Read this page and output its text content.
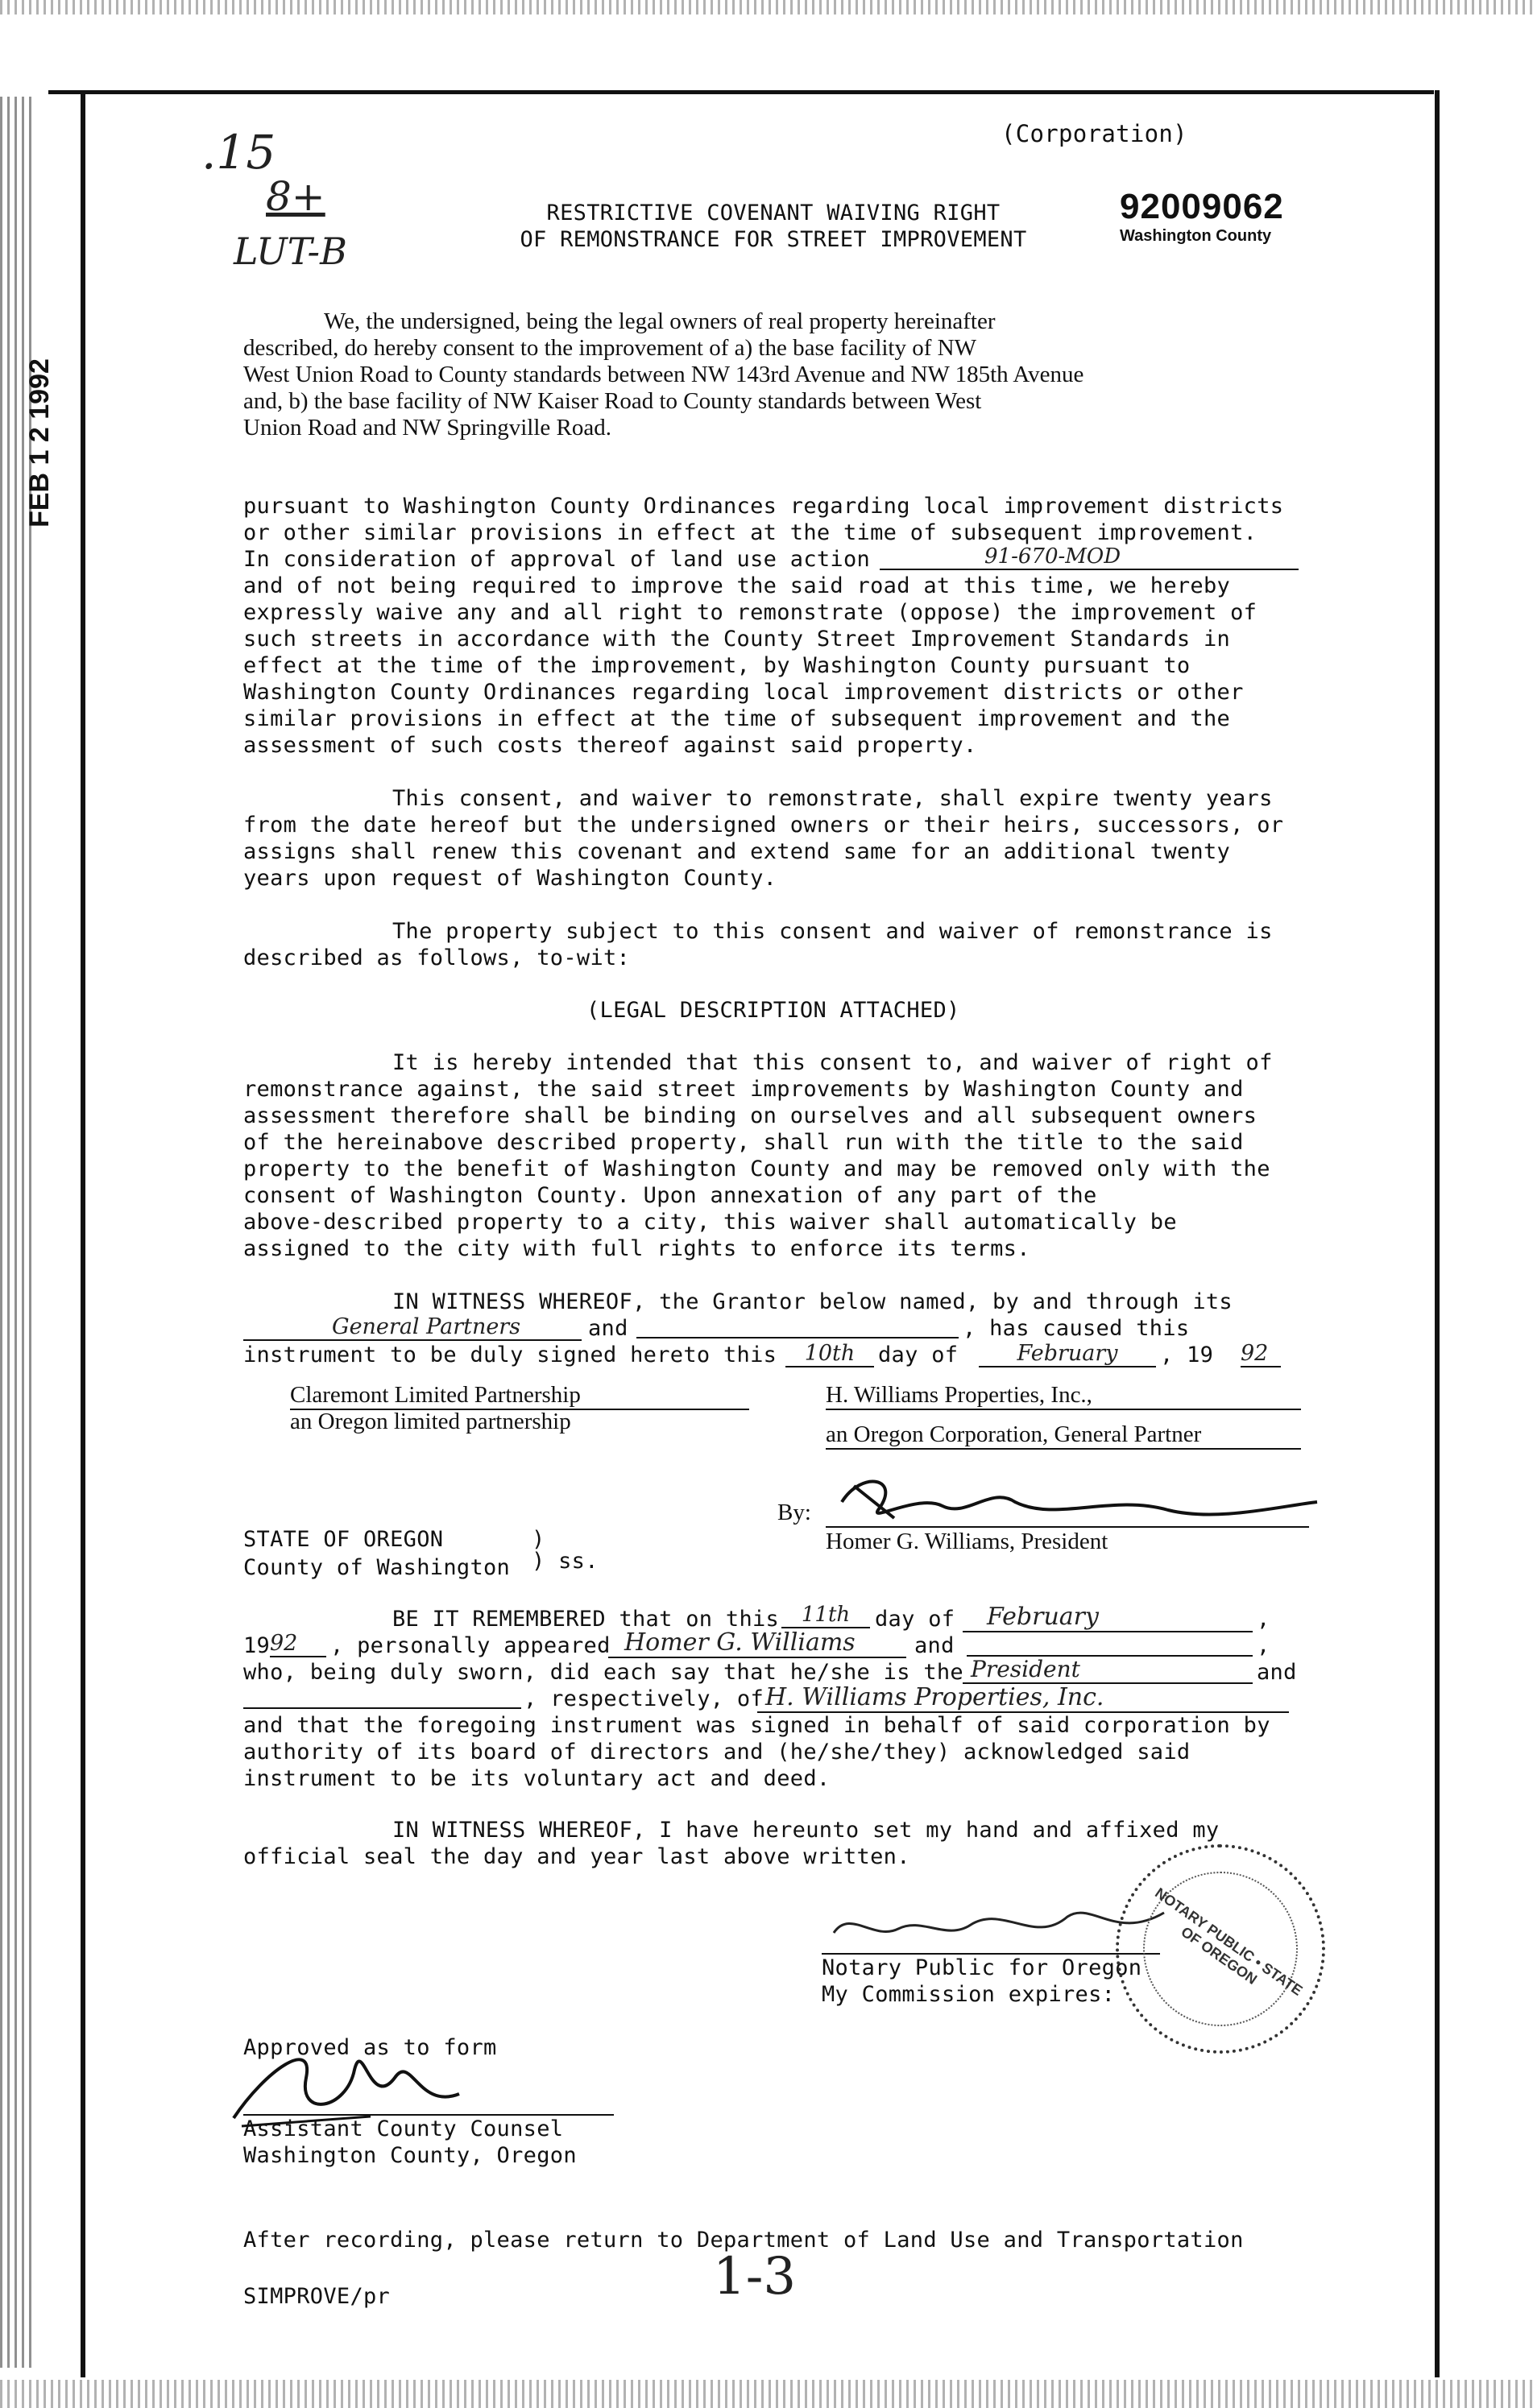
FEB 1 2 1992
.15
8+
LUT-B
(Corporation)
RESTRICTIVE COVENANT WAIVING RIGHT
OF REMONSTRANCE FOR STREET IMPROVEMENT
92009062
Washington County
We, the undersigned, being the legal owners of real property hereinafter
described, do hereby consent to the improvement of a) the base facility of NW
West Union Road to County standards between NW 143rd Avenue and NW 185th Avenue
and, b) the base facility of NW Kaiser Road to County standards between West
Union Road and NW Springville Road.
pursuant to Washington County Ordinances regarding local improvement districts
or other similar provisions in effect at the time of subsequent improvement.
In consideration of approval of land use action	91-670-MOD
and of not being required to improve the said road at this time, we hereby
expressly waive any and all right to remonstrate (oppose) the improvement of
such streets in accordance with the County Street Improvement Standards in
effect at the time of the improvement, by Washington County pursuant to
Washington County Ordinances regarding local improvement districts or other
similar provisions in effect at the time of subsequent improvement and the
assessment of such costs thereof against said property.
This consent, and waiver to remonstrate, shall expire twenty years
from the date hereof but the undersigned owners or their heirs, successors, or
assigns shall renew this covenant and extend same for an additional twenty
years upon request of Washington County.
The property subject to this consent and waiver of remonstrance is
described as follows, to-wit:
(LEGAL DESCRIPTION ATTACHED)
It is hereby intended that this consent to, and waiver of right of
remonstrance against, the said street improvements by Washington County and
assessment therefore shall be binding on ourselves and all subsequent owners
of the hereinabove described property, shall run with the title to the said
property to the benefit of Washington County and may be removed only with the
consent of Washington County. Upon annexation of any part of the
above-described property to a city, this waiver shall automatically be
assigned to the city with full rights to enforce its terms.
IN WITNESS WHEREOF, the Grantor below named, by and through its
General Partners	and	, has caused this
instrument to be duly signed hereto this	10th	day of	February	, 19 92
Claremont Limited Partnership
an Oregon limited partnership
H. Williams Properties, Inc.,
an Oregon Corporation, General Partner
By:
Homer G. Williams, President
STATE OF OREGON	)
County of Washington ) ss.
BE IT REMEMBERED that on this	11th	day of	February	,
19 92	, personally appeared Homer G. Williams	and	,
who, being duly sworn, did each say that he/she is the President	and
, respectively, of H. Williams Properties, Inc.
and that the foregoing instrument was signed in behalf of said corporation by
authority of its board of directors and (he/she/they) acknowledged said
instrument to be its voluntary act and deed.
IN WITNESS WHEREOF, I have hereunto set my hand and affixed my
official seal the day and year last above written.
Notary Public for Oregon
My Commission expires:	NOTARY PUBLIC • STATE OF OREGON
Approved as to form
Assistant County Counsel
Washington County, Oregon
After recording, please return to Department of Land Use and Transportation
SIMPROVE/pr	1-3
